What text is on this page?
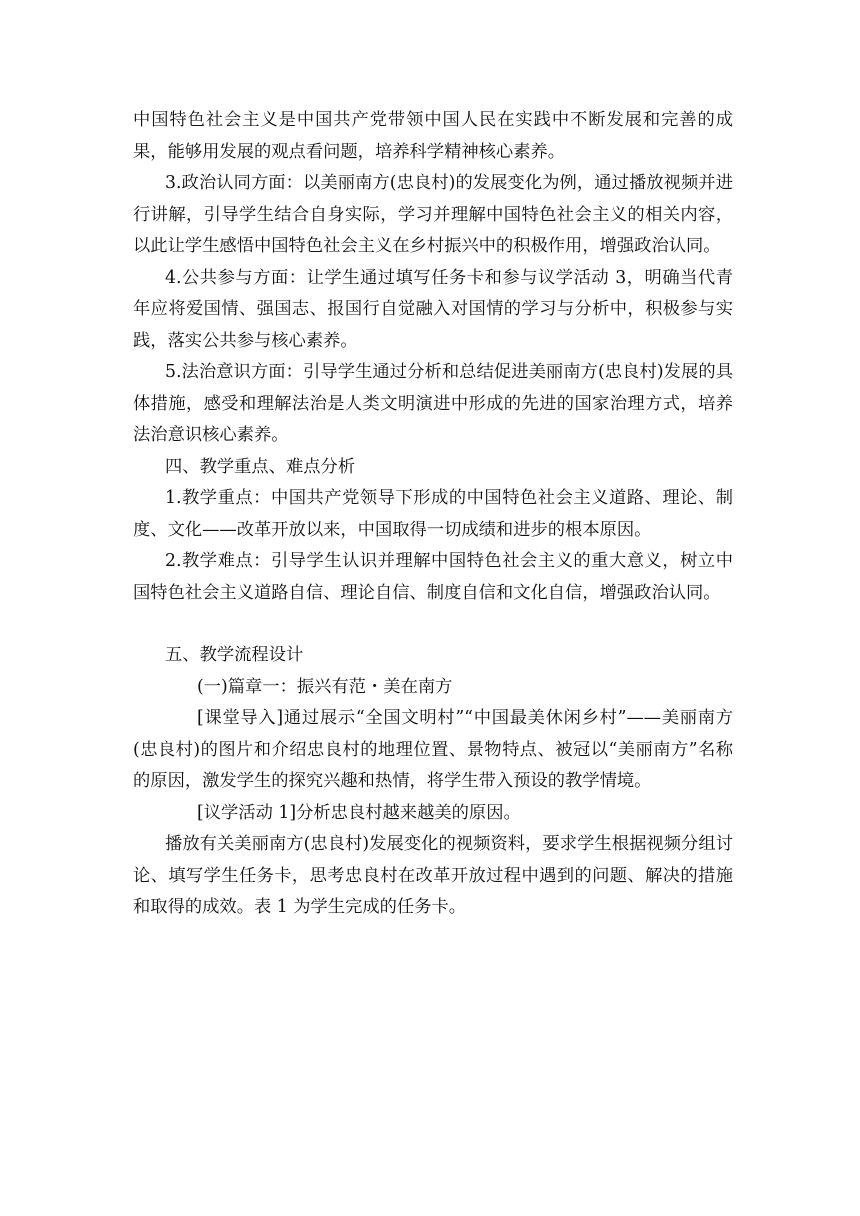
中国特色社会主义是中国共产党带领中国人民在实践中不断发展和完善的成果，能够用发展的观点看问题，培养科学精神核心素养。

3.政治认同方面：以美丽南方(忠良村)的发展变化为例，通过播放视频并进行讲解，引导学生结合自身实际，学习并理解中国特色社会主义的相关内容，以此让学生感悟中国特色社会主义在乡村振兴中的积极作用，增强政治认同。

4.公共参与方面：让学生通过填写任务卡和参与议学活动 3，明确当代青年应将爱国情、强国志、报国行自觉融入对国情的学习与分析中，积极参与实践，落实公共参与核心素养。

5.法治意识方面：引导学生通过分析和总结促进美丽南方(忠良村)发展的具体措施，感受和理解法治是人类文明演进中形成的先进的国家治理方式，培养法治意识核心素养。

四、教学重点、难点分析

1.教学重点：中国共产党领导下形成的中国特色社会主义道路、理论、制度、文化——改革开放以来，中国取得一切成绩和进步的根本原因。

2.教学难点：引导学生认识并理解中国特色社会主义的重大意义，树立中国特色社会主义道路自信、理论自信、制度自信和文化自信，增强政治认同。

五、教学流程设计

(一)篇章一：振兴有范・美在南方

[课堂导入]通过展示“全国文明村”“中国最美休闲乡村”——美丽南方(忠良村)的图片和介绍忠良村的地理位置、景物特点、被冠以“美丽南方”名称的原因，激发学生的探究兴趣和热情，将学生带入预设的教学情境。

[议学活动 1]分析忠良村越来越美的原因。

播放有关美丽南方(忠良村)发展变化的视频资料，要求学生根据视频分组讨论、填写学生任务卡，思考忠良村在改革开放过程中遇到的问题、解决的措施和取得的成效。表 1 为学生完成的任务卡。
